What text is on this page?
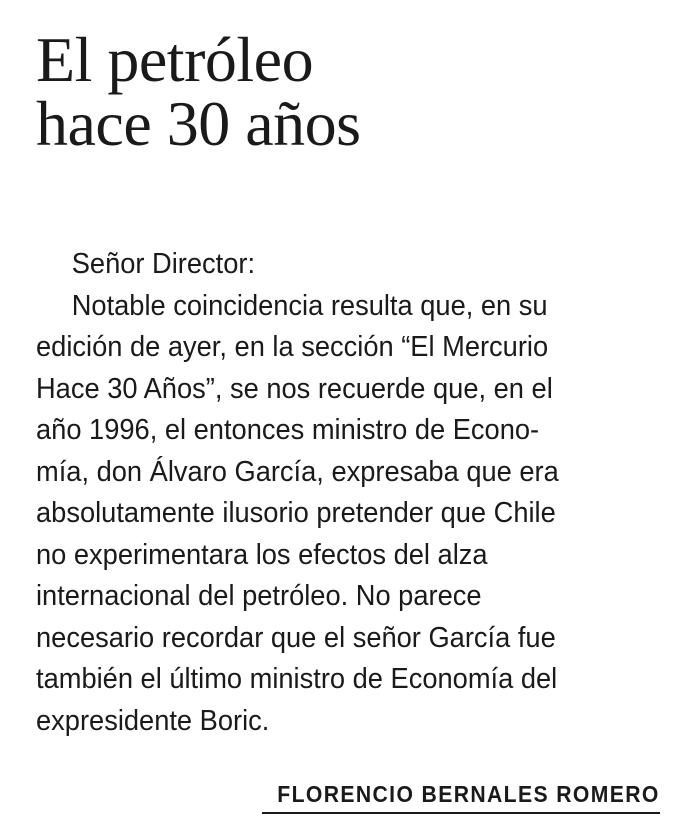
El petróleo
hace 30 años
Señor Director:
Notable coincidencia resulta que, en su
edición de ayer, en la sección “El Mercurio
Hace 30 Años”, se nos recuerde que, en el
año 1996, el entonces ministro de Econo-
mía, don Álvaro García, expresaba que era
absolutamente ilusorio pretender que Chile
no experimentara los efectos del alza
internacional del petróleo. No parece
necesario recordar que el señor García fue
también el último ministro de Economía del
expresidente Boric.
FLORENCIO BERNALES ROMERO
